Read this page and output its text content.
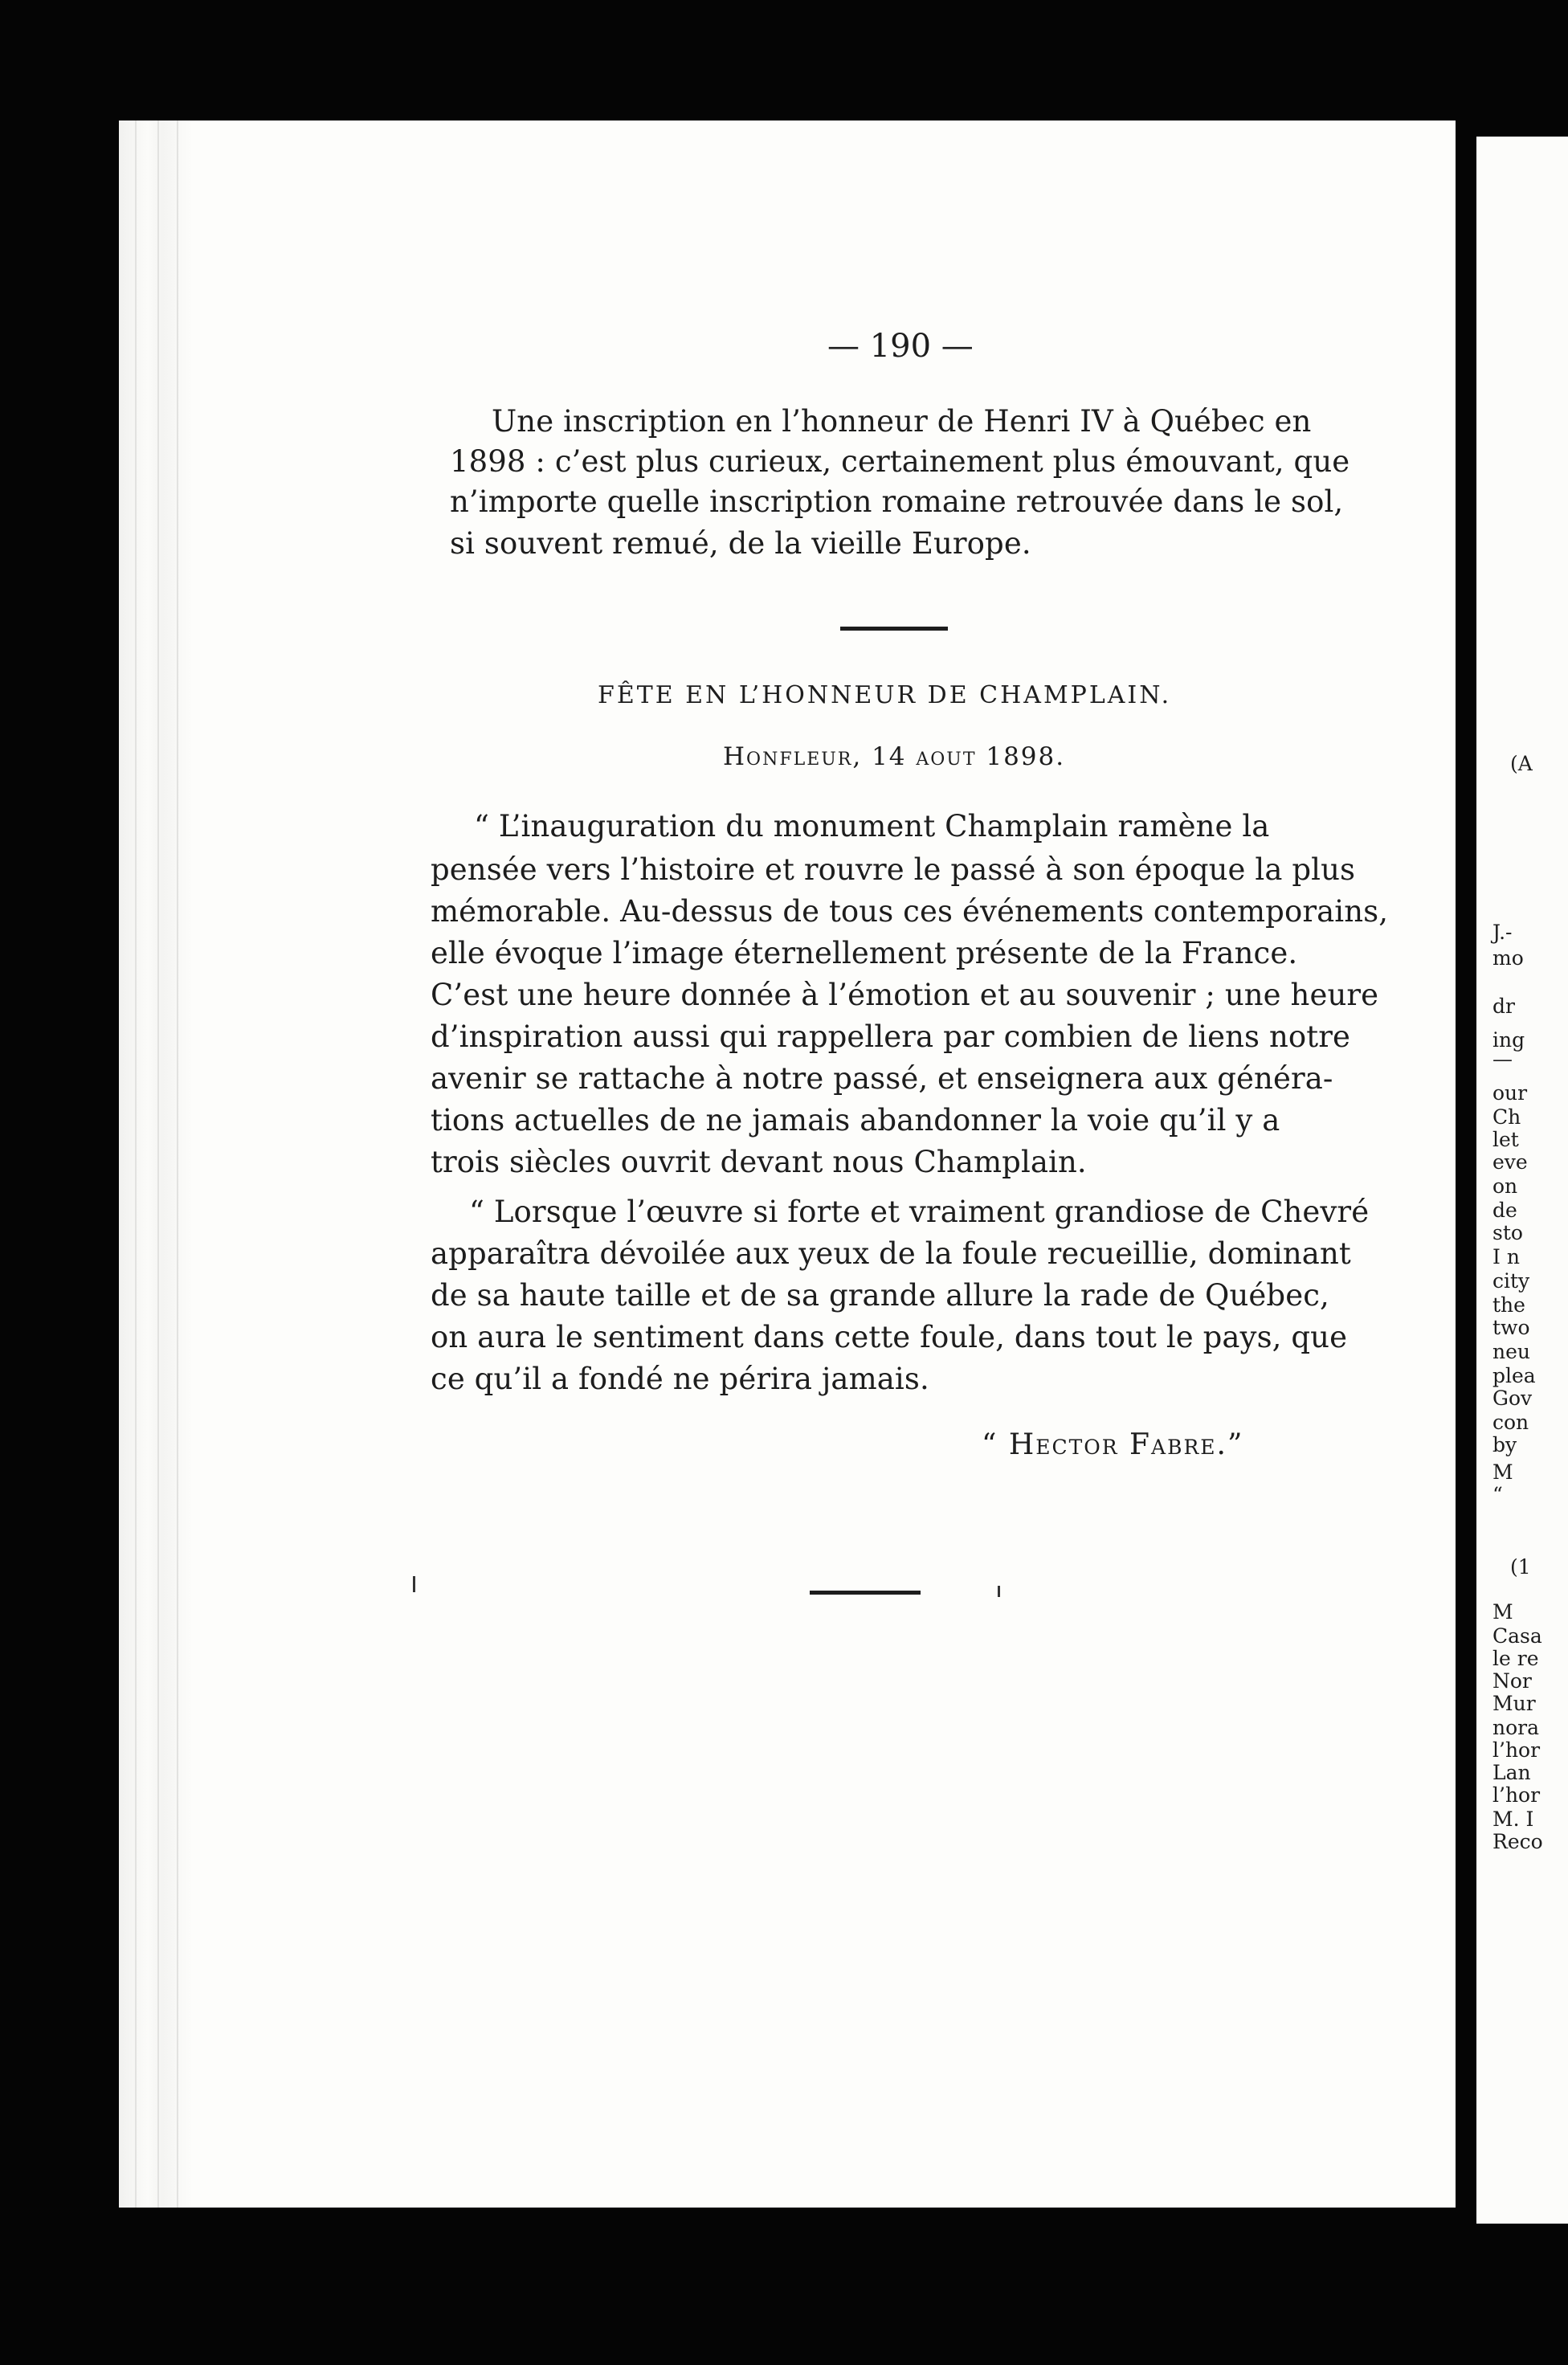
— 190 —
Une inscription en l’honneur de Henri IV à Québec en
1898 : c’est plus curieux, certainement plus émouvant, que
n’importe quelle inscription romaine retrouvée dans le sol,
si souvent remué, de la vieille Europe.
FÊTE EN L’HONNEUR DE CHAMPLAIN.
Honfleur, 14 aout 1898.
“ L’inauguration du monument Champlain ramène la
pensée vers l’histoire et rouvre le passé à son époque la plus
mémorable. Au-dessus de tous ces événements contemporains,
elle évoque l’image éternellement présente de la France.
C’est une heure donnée à l’émotion et au souvenir ; une heure
d’inspiration aussi qui rappellera par combien de liens notre
avenir se rattache à notre passé, et enseignera aux généra-
tions actuelles de ne jamais abandonner la voie qu’il y a
trois siècles ouvrit devant nous Champlain.
“ Lorsque l’œuvre si forte et vraiment grandiose de Chevré
apparaîtra dévoilée aux yeux de la foule recueillie, dominant
de sa haute taille et de sa grande allure la rade de Québec,
on aura le sentiment dans cette foule, dans tout le pays, que
ce qu’il a fondé ne périra jamais.
“ Hector Fabre.”
(A
J.-
mo
dr
ing
—
our
Ch
let
eve
on
de
sto
I n
city
the
two
neu
plea
Gov
con
by
M
“
(1
M
Casa
le re
Nor
Mur
nora
l’hor
Lan
l’hor
M. I
Reco
